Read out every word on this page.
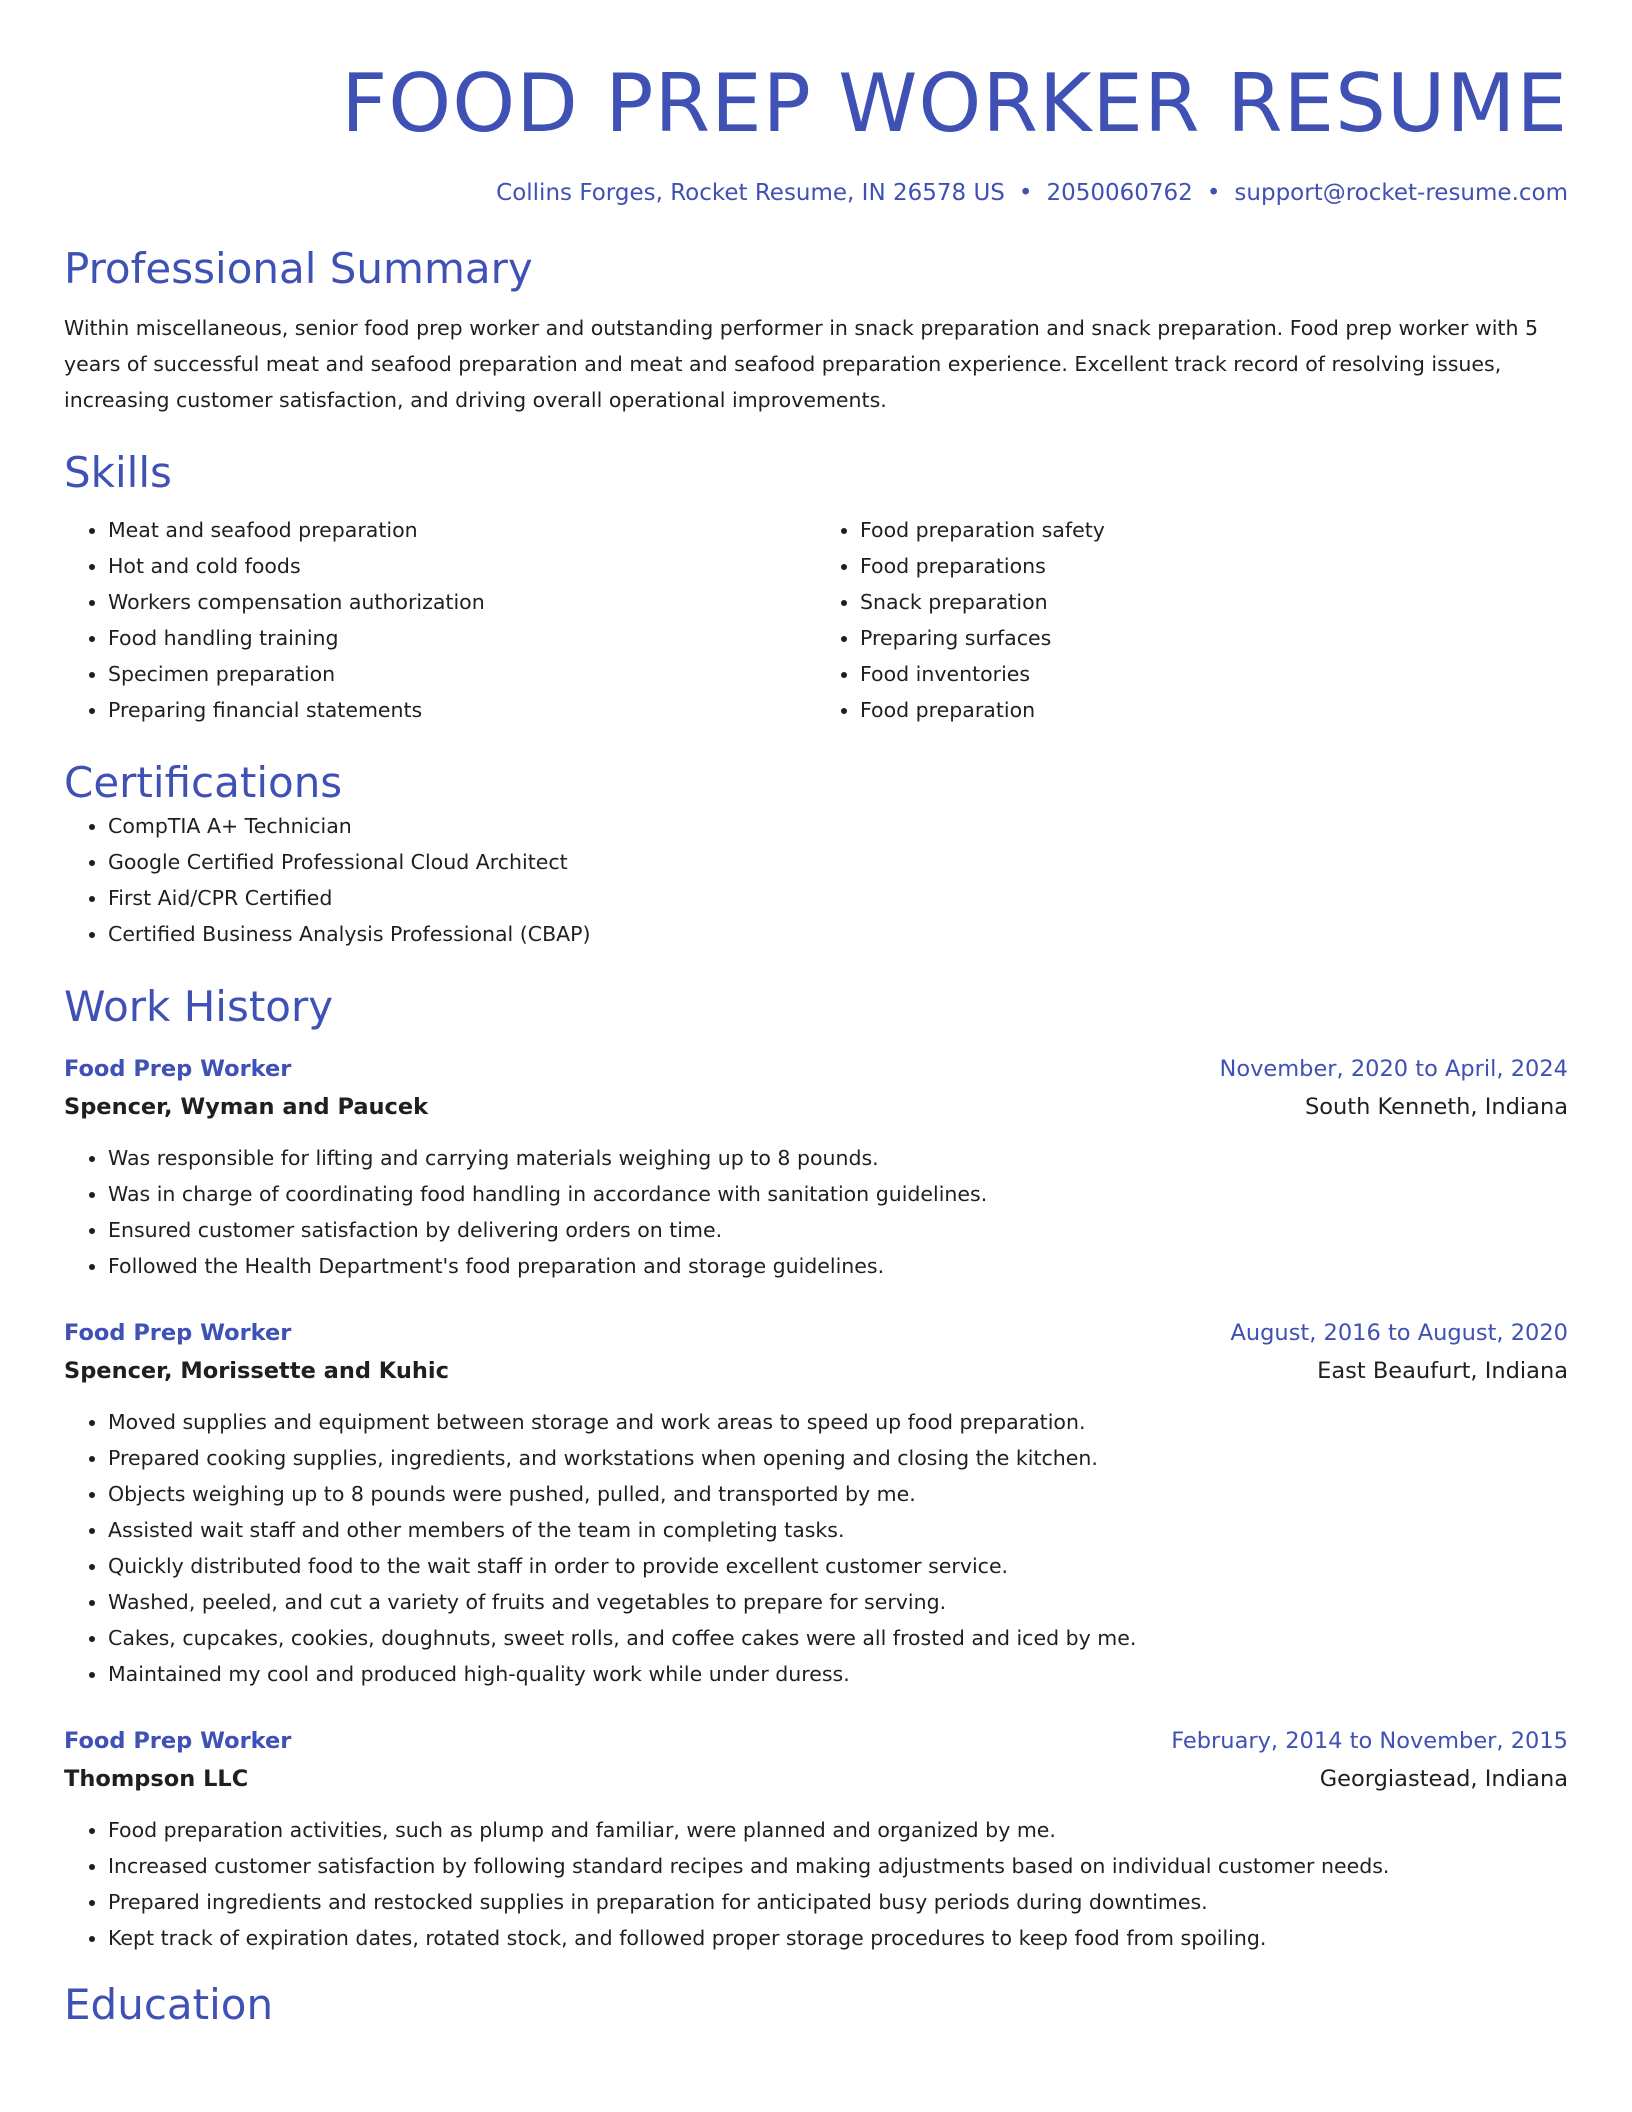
FOOD PREP WORKER RESUME
Collins Forges, Rocket Resume, IN 26578 US • 2050060762 • support@rocket-resume.com
Professional Summary
Within miscellaneous, senior food prep worker and outstanding performer in snack preparation and snack preparation. Food prep worker with 5 years of successful meat and seafood preparation and meat and seafood preparation experience. Excellent track record of resolving issues, increasing customer satisfaction, and driving overall operational improvements.
Skills
• Meat and seafood preparation
• Hot and cold foods
• Workers compensation authorization
• Food handling training
• Specimen preparation
• Preparing financial statements
• Food preparation safety
• Food preparations
• Snack preparation
• Preparing surfaces
• Food inventories
• Food preparation
Certifications
• CompTIA A+ Technician
• Google Certified Professional Cloud Architect
• First Aid/CPR Certified
• Certified Business Analysis Professional (CBAP)
Work History
Food Prep Worker	November, 2020 to April, 2024
Spencer, Wyman and Paucek	South Kenneth, Indiana
• Was responsible for lifting and carrying materials weighing up to 8 pounds.
• Was in charge of coordinating food handling in accordance with sanitation guidelines.
• Ensured customer satisfaction by delivering orders on time.
• Followed the Health Department's food preparation and storage guidelines.
Food Prep Worker	August, 2016 to August, 2020
Spencer, Morissette and Kuhic	East Beaufurt, Indiana
• Moved supplies and equipment between storage and work areas to speed up food preparation.
• Prepared cooking supplies, ingredients, and workstations when opening and closing the kitchen.
• Objects weighing up to 8 pounds were pushed, pulled, and transported by me.
• Assisted wait staff and other members of the team in completing tasks.
• Quickly distributed food to the wait staff in order to provide excellent customer service.
• Washed, peeled, and cut a variety of fruits and vegetables to prepare for serving.
• Cakes, cupcakes, cookies, doughnuts, sweet rolls, and coffee cakes were all frosted and iced by me.
• Maintained my cool and produced high-quality work while under duress.
Food Prep Worker	February, 2014 to November, 2015
Thompson LLC	Georgiastead, Indiana
• Food preparation activities, such as plump and familiar, were planned and organized by me.
• Increased customer satisfaction by following standard recipes and making adjustments based on individual customer needs.
• Prepared ingredients and restocked supplies in preparation for anticipated busy periods during downtimes.
• Kept track of expiration dates, rotated stock, and followed proper storage procedures to keep food from spoiling.
Education
